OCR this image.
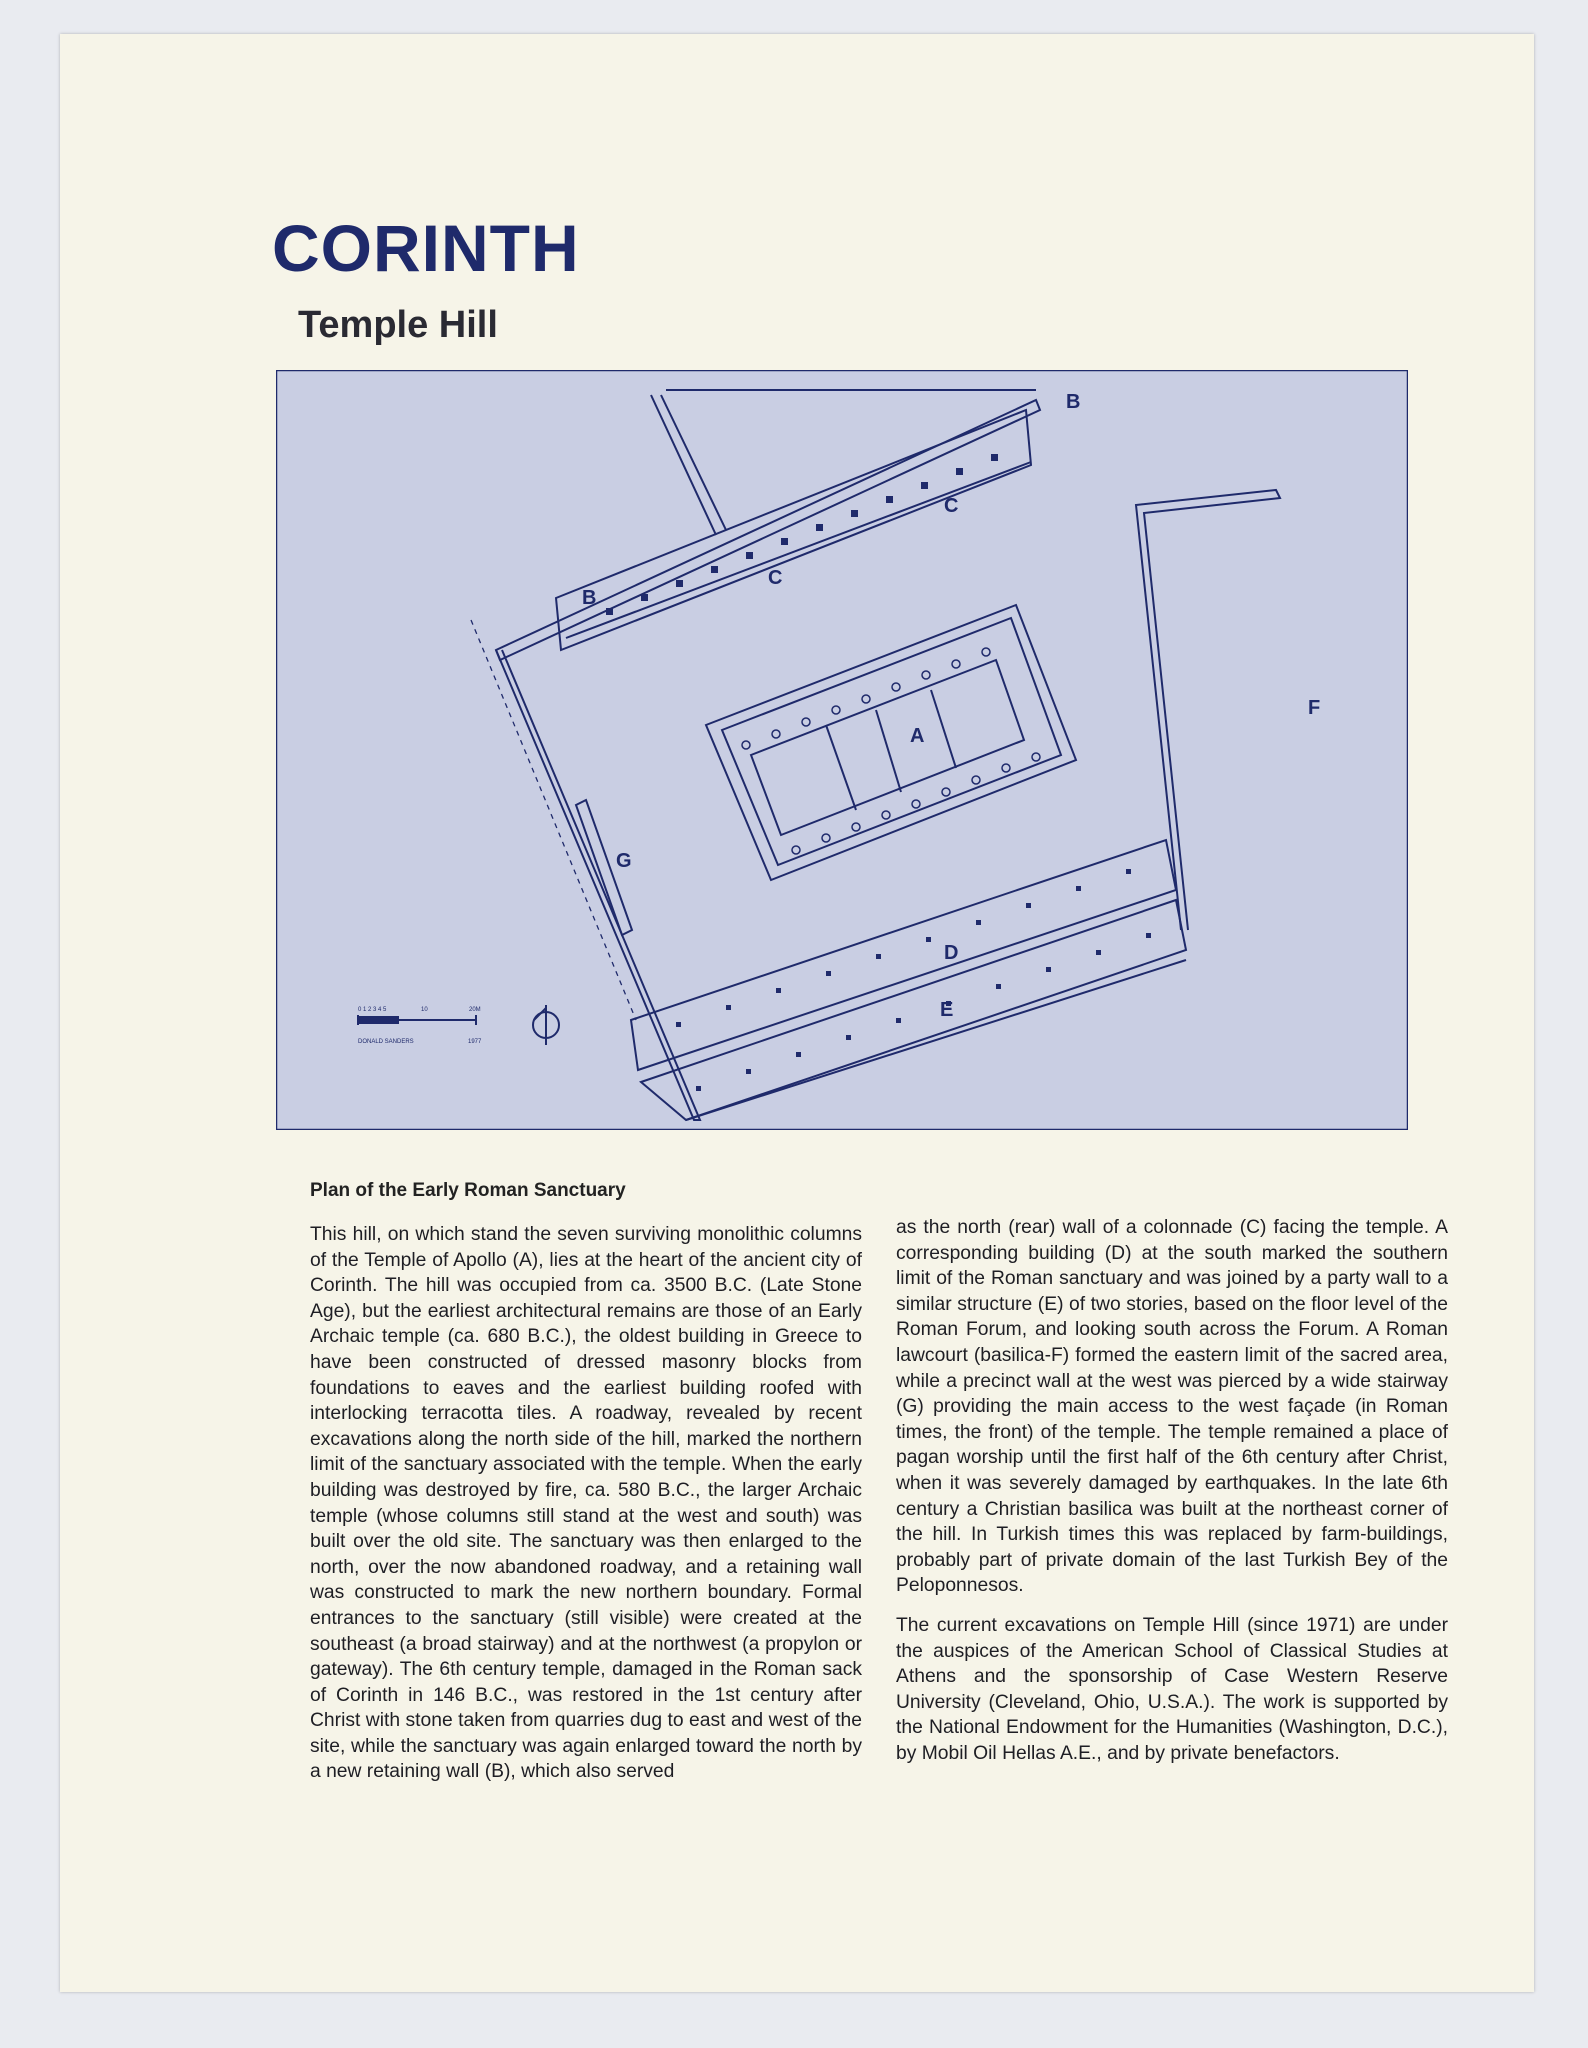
CORINTH
Temple Hill
0 1 2 3 4 5	10	20M
DONALD SANDERS	1977
A
B
B
C
C
D
E
F
G
Plan of the Early Roman Sanctuary

This hill, on which stand the seven surviving monolithic columns of the Temple of Apollo (A), lies at the heart of the ancient city of Corinth. The hill was occupied from ca. 3500 B.C. (Late Stone Age), but the earliest architectural remains are those of an Early Archaic temple (ca. 680 B.C.), the oldest building in Greece to have been constructed of dressed masonry blocks from foundations to eaves and the earliest building roofed with interlocking terracotta tiles. A roadway, revealed by recent excavations along the north side of the hill, marked the northern limit of the sanctuary associated with the temple. When the early building was destroyed by fire, ca. 580 B.C., the larger Archaic temple (whose columns still stand at the west and south) was built over the old site. The sanctuary was then enlarged to the north, over the now abandoned roadway, and a retaining wall was constructed to mark the new northern boundary. Formal entrances to the sanctuary (still visible) were created at the southeast (a broad stairway) and at the northwest (a propylon or gateway). The 6th century temple, damaged in the Roman sack of Corinth in 146 B.C., was restored in the 1st century after Christ with stone taken from quarries dug to east and west of the site, while the sanctuary was again enlarged toward the north by a new retaining wall (B), which also served

as the north (rear) wall of a colonnade (C) facing the temple. A corresponding building (D) at the south marked the southern limit of the Roman sanctuary and was joined by a party wall to a similar structure (E) of two stories, based on the floor level of the Roman Forum, and looking south across the Forum. A Roman lawcourt (basilica-F) formed the eastern limit of the sacred area, while a precinct wall at the west was pierced by a wide stairway (G) providing the main access to the west façade (in Roman times, the front) of the temple. The temple remained a place of pagan worship until the first half of the 6th century after Christ, when it was severely damaged by earthquakes. In the late 6th century a Christian basilica was built at the northeast corner of the hill. In Turkish times this was replaced by farm-buildings, probably part of private domain of the last Turkish Bey of the Peloponnesos.

The current excavations on Temple Hill (since 1971) are under the auspices of the American School of Classical Studies at Athens and the sponsorship of Case Western Reserve University (Cleveland, Ohio, U.S.A.). The work is supported by the National Endowment for the Humanities (Washington, D.C.), by Mobil Oil Hellas A.E., and by private benefactors.
